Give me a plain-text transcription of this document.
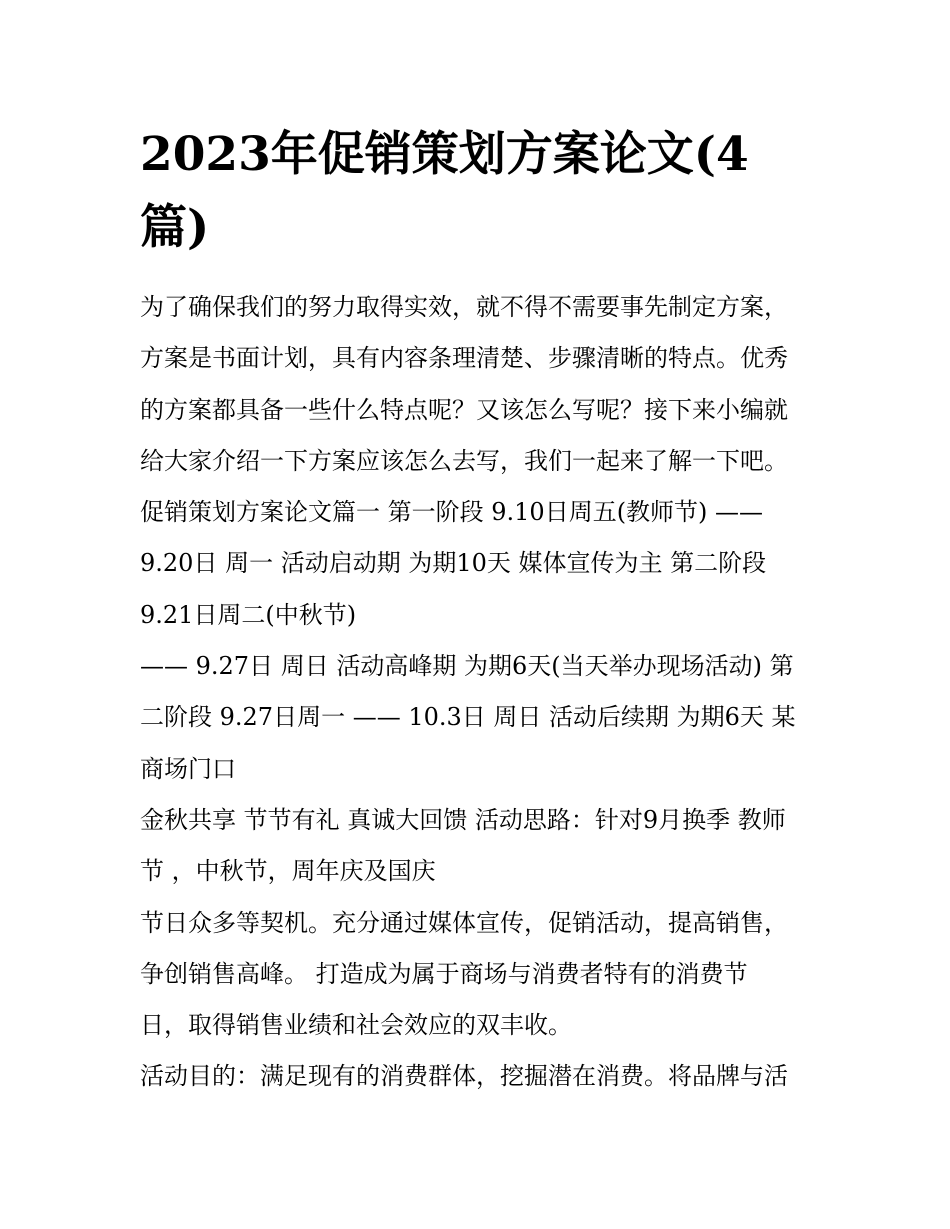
2023年促销策划方案论文(4
篇)

为了确保我们的努力取得实效，就不得不需要事先制定方案，

方案是书面计划，具有内容条理清楚、步骤清晰的特点。优秀

的方案都具备一些什么特点呢？又该怎么写呢？接下来小编就

给大家介绍一下方案应该怎么去写，我们一起来了解一下吧。

促销策划方案论文篇一 第一阶段 9.10日周五(教师节) ——

9.20日 周一 活动启动期 为期10天 媒体宣传为主 第二阶段

9.21日周二(中秋节)

—— 9.27日 周日 活动高峰期 为期6天(当天举办现场活动) 第

二阶段 9.27日周一 —— 10.3日 周日 活动后续期 为期6天 某

商场门口

金秋共享 节节有礼 真诚大回馈 活动思路：针对9月换季 教师

节 ，中秋节，周年庆及国庆

节日众多等契机。充分通过媒体宣传，促销活动，提高销售，

争创销售高峰。 打造成为属于商场与消费者特有的消费节

日，取得销售业绩和社会效应的双丰收。

活动目的：满足现有的消费群体，挖掘潜在消费。将品牌与活
